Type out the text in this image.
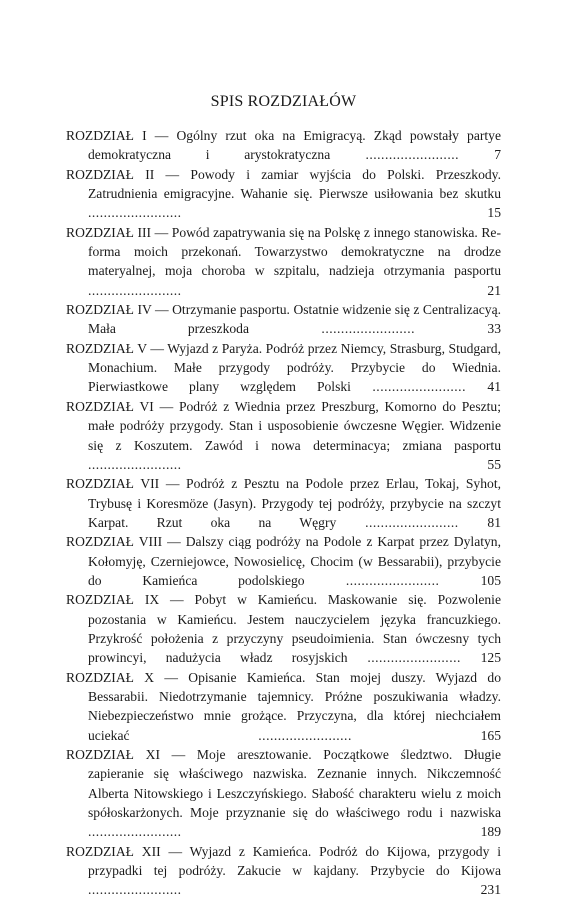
SPIS ROZDZIAŁÓW

ROZDZIAŁ I — Ogólny rzut oka na Emigracyą. Zkąd powstały partye demokratyczna i arystokratyczna ........................ 7

ROZDZIAŁ II — Powody i zamiar wyjścia do Polski. Przeszkody. Zatrudnienia emigracyjne. Wahanie się. Pierwsze usiłowania bez skutku ........................ 15

ROZDZIAŁ III — Powód zapatrywania się na Polskę z innego stanowiska. Reforma moich przekonań. Towarzystwo demokratyczne na drodze materyalnej, moja choroba w szpitalu, nadzieja otrzymania pasportu ........................ 21

ROZDZIAŁ IV — Otrzymanie pasportu. Ostatnie widzenie się z Centralizacyą. Mała przeszkoda ........................ 33

ROZDZIAŁ V — Wyjazd z Paryża. Podróż przez Niemcy, Strasburg, Studgard, Monachium. Małe przygody podróży. Przybycie do Wiednia. Pierwiastkowe plany względem Polski ........................ 41

ROZDZIAŁ VI — Podróż z Wiednia przez Preszburg, Komorno do Pesztu; małe podróży przygody. Stan i usposobienie ówczesne Węgier. Widzenie się z Koszutem. Zawód i nowa determinacya; zmiana pasportu ........................ 55

ROZDZIAŁ VII — Podróż z Pesztu na Podole przez Erlau, Tokaj, Syhot, Trybusę i Koresmöze (Jasyn). Przygody tej podróży, przybycie na szczyt Karpat. Rzut oka na Węgry ........................ 81

ROZDZIAŁ VIII — Dalszy ciąg podróży na Podole z Karpat przez Dylatyn, Kołomyję, Czerniejowce, Nowosielicę, Chocim (w Bessarabii), przybycie do Kamieńca podolskiego ........................ 105

ROZDZIAŁ IX — Pobyt w Kamieńcu. Maskowanie się. Pozwolenie pozostania w Kamieńcu. Jestem nauczycielem języka francuzkiego. Przykrość położenia z przyczyny pseudoimienia. Stan ówczesny tych prowincyi, nadużycia władz rosyjskich ........................ 125

ROZDZIAŁ X — Opisanie Kamieńca. Stan mojej duszy. Wyjazd do Bessarabii. Niedotrzymanie tajemnicy. Próżne poszukiwania władzy. Niebezpieczeństwo mnie grożące. Przyczyna, dla której niechciałem uciekać ........................ 165

ROZDZIAŁ XI — Moje aresztowanie. Początkowe śledztwo. Długie zapieranie się właściwego nazwiska. Zeznanie innych. Nikczemność Alberta Nitowskiego i Leszczyńskiego. Słabość charakteru wielu z moich spółoskarżonych. Moje przyznanie się do właściwego rodu i nazwiska ........................ 189

ROZDZIAŁ XII — Wyjazd z Kamieńca. Podróż do Kijowa, przygody i przypadki tej podróży. Zakucie w kajdany. Przybycie do Kijowa ........................ 231
